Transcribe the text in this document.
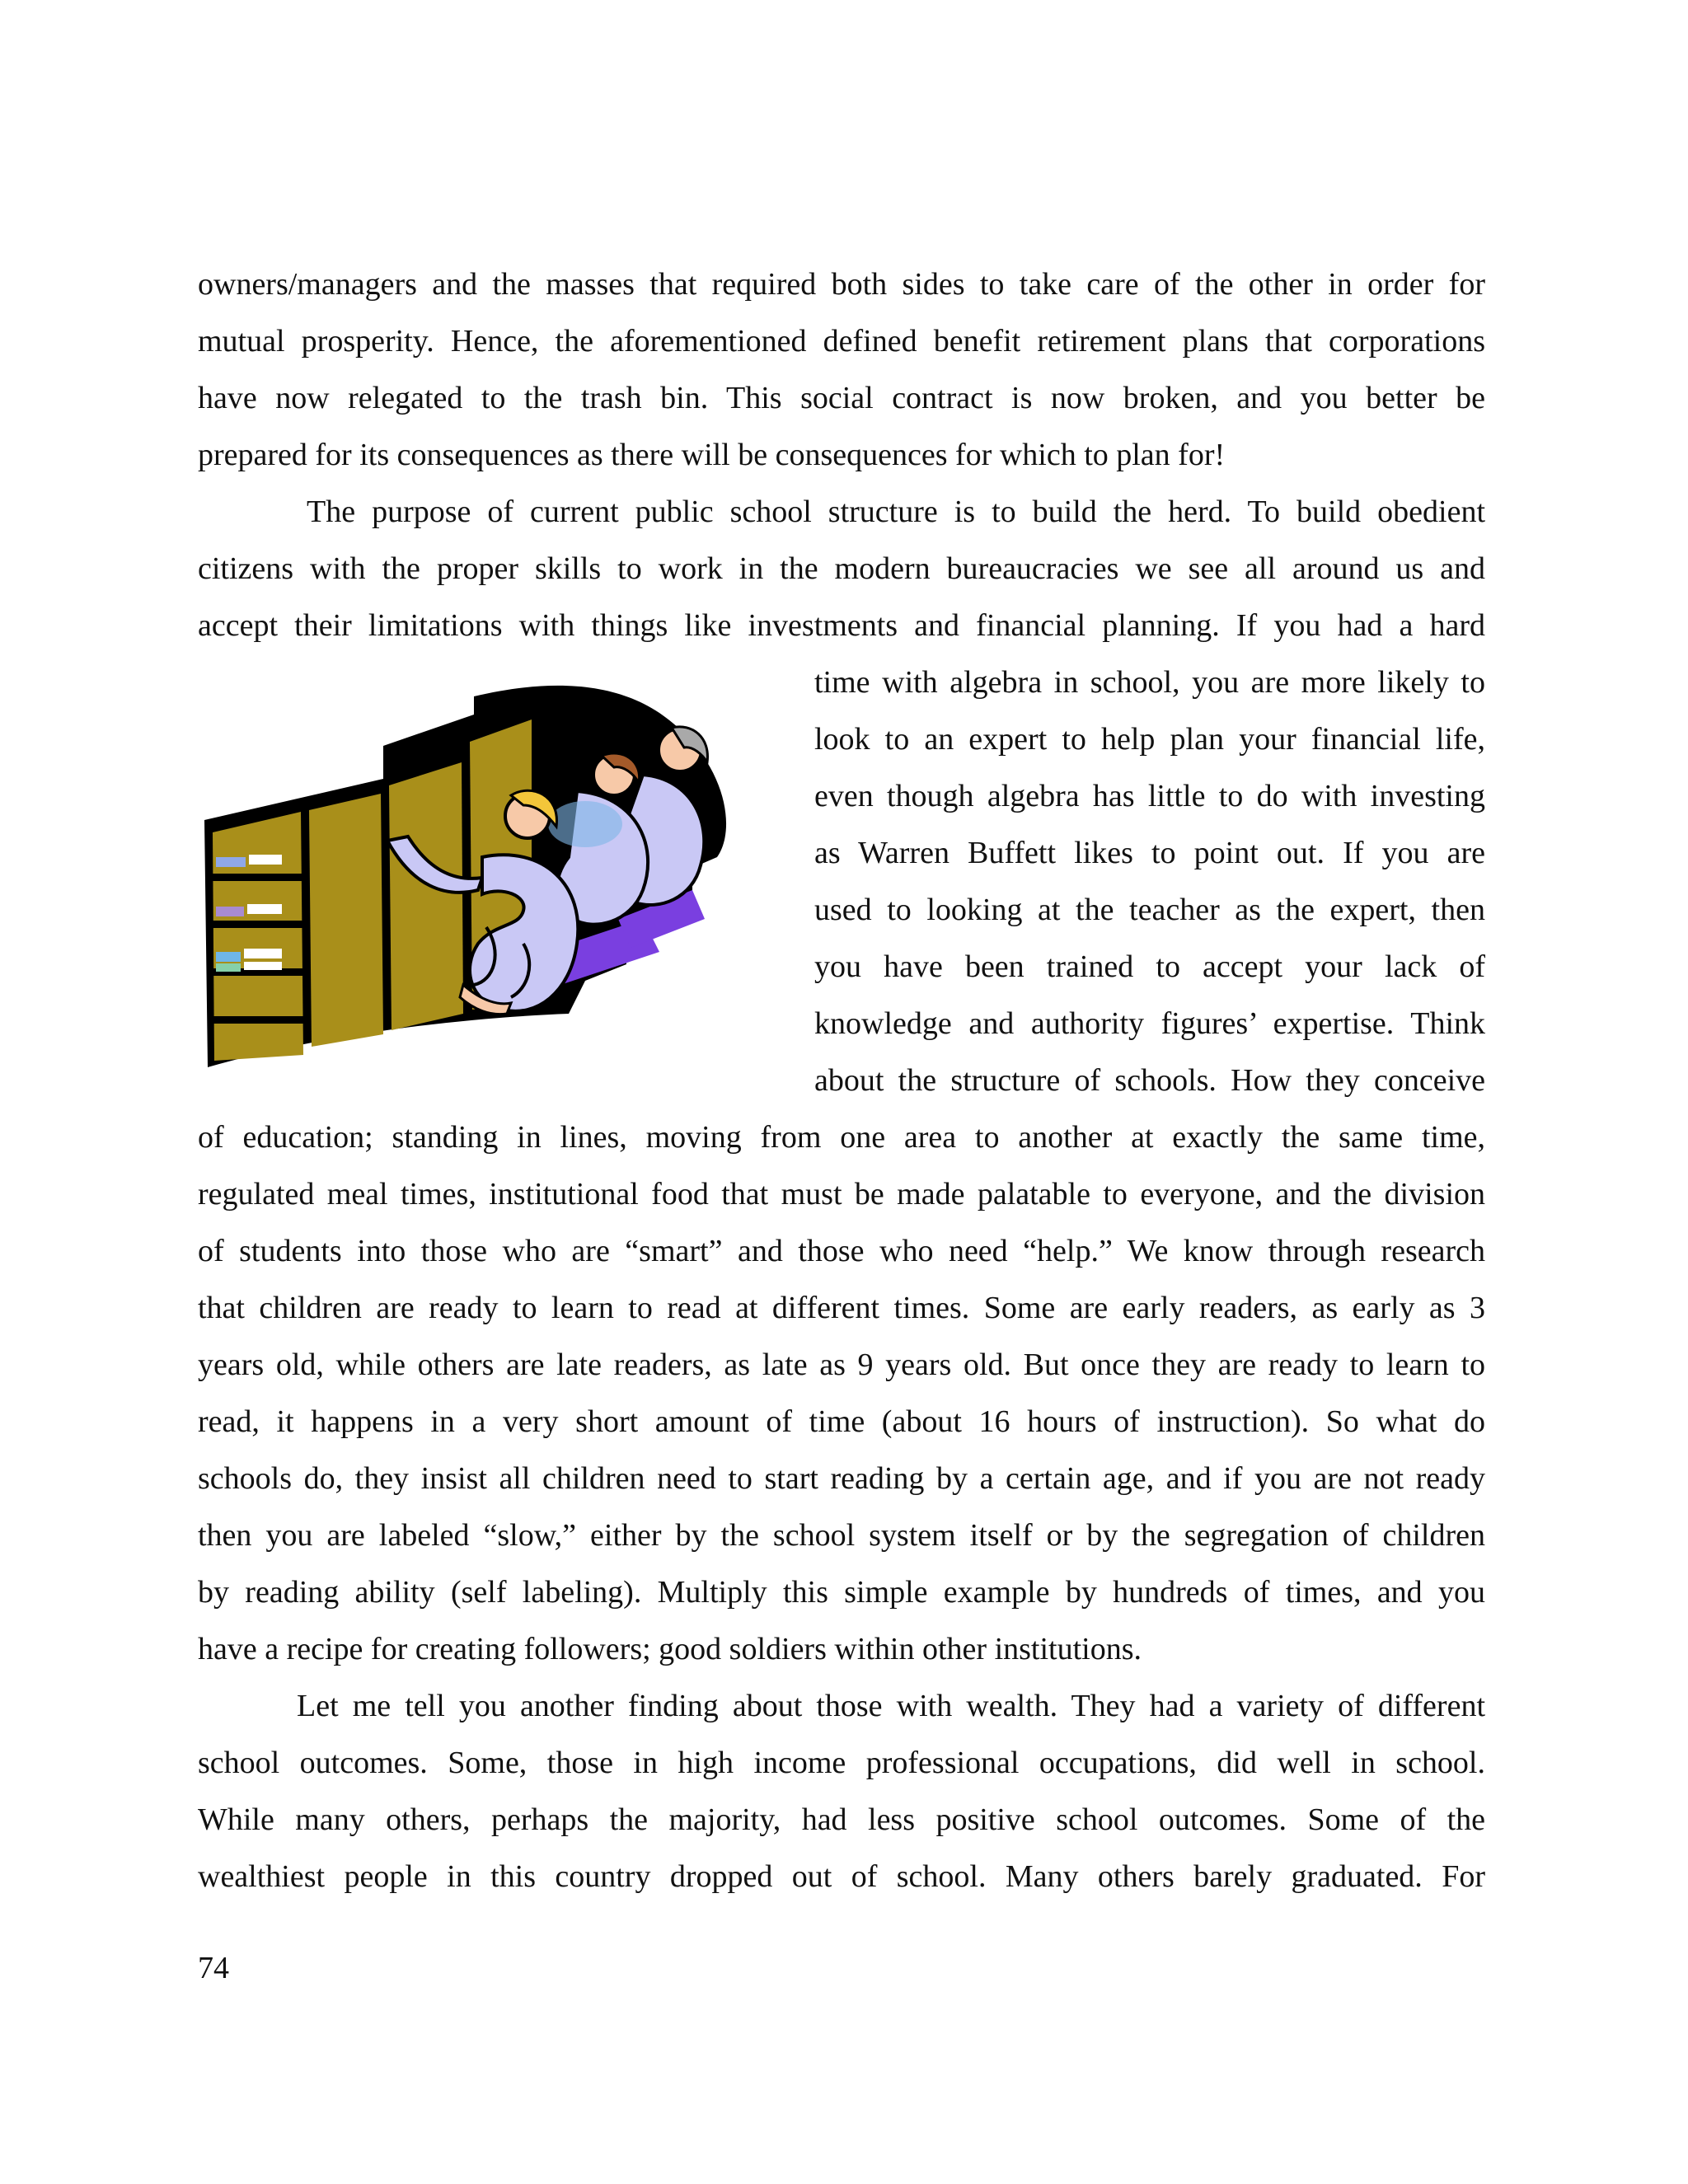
owners/managers and the masses that required both sides to take care of the other in order for
mutual prosperity. Hence, the aforementioned defined benefit retirement plans that corporations
have now relegated to the trash bin. This social contract is now broken, and you better be
prepared for its consequences as there will be consequences for which to plan for!
The purpose of current public school structure is to build the herd. To build obedient
citizens with the proper skills to work in the modern bureaucracies we see all around us and
accept their limitations with things like investments and financial planning. If you had a hard
time with algebra in school, you are more likely to
look to an expert to help plan your financial life,
even though algebra has little to do with investing
as Warren Buffett likes to point out. If you are
used to looking at the teacher as the expert, then
you have been trained to accept your lack of
knowledge and authority figures’ expertise. Think
about the structure of schools. How they conceive
of education; standing in lines, moving from one area to another at exactly the same time,
regulated meal times, institutional food that must be made palatable to everyone, and the division
of students into those who are “smart” and those who need “help.” We know through research
that children are ready to learn to read at different times. Some are early readers, as early as 3
years old, while others are late readers, as late as 9 years old. But once they are ready to learn to
read, it happens in a very short amount of time (about 16 hours of instruction). So what do
schools do, they insist all children need to start reading by a certain age, and if you are not ready
then you are labeled “slow,” either by the school system itself or by the segregation of children
by reading ability (self labeling). Multiply this simple example by hundreds of times, and you
have a recipe for creating followers; good soldiers within other institutions.
Let me tell you another finding about those with wealth. They had a variety of different
school outcomes. Some, those in high income professional occupations, did well in school.
While many others, perhaps the majority, had less positive school outcomes. Some of the
wealthiest people in this country dropped out of school. Many others barely graduated. For
74
